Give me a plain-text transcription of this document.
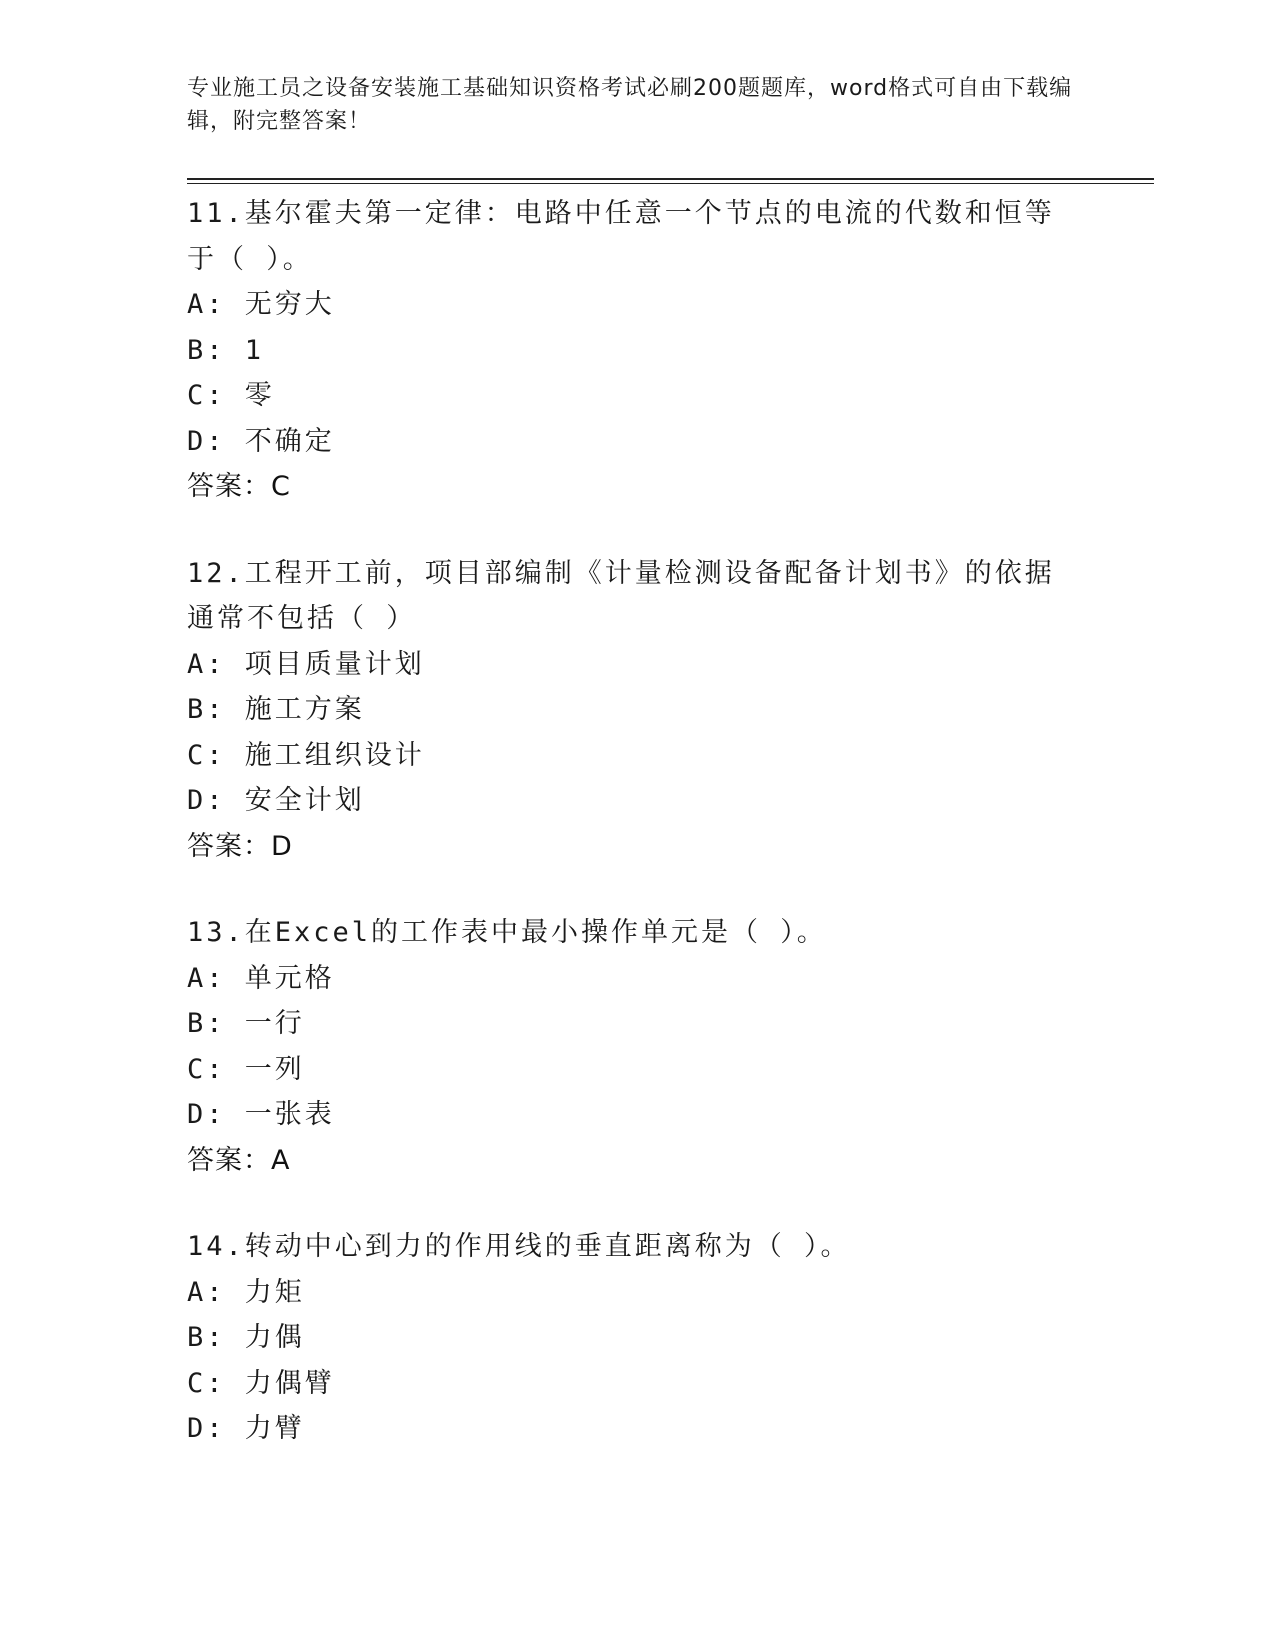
专业施工员之设备安装施工基础知识资格考试必刷200题题库，word格式可自由下载编辑，附完整答案！
11.基尔霍夫第一定律：电路中任意一个节点的电流的代数和恒等于（ ）。
A: 无穷大
B: 1
C: 零
D: 不确定
答案：C
12.工程开工前，项目部编制《计量检测设备配备计划书》的依据通常不包括（ ）
A: 项目质量计划
B: 施工方案
C: 施工组织设计
D: 安全计划
答案：D
13.在Excel的工作表中最小操作单元是（ ）。
A: 单元格
B: 一行
C: 一列
D: 一张表
答案：A
14.转动中心到力的作用线的垂直距离称为（ ）。
A: 力矩
B: 力偶
C: 力偶臂
D: 力臂
